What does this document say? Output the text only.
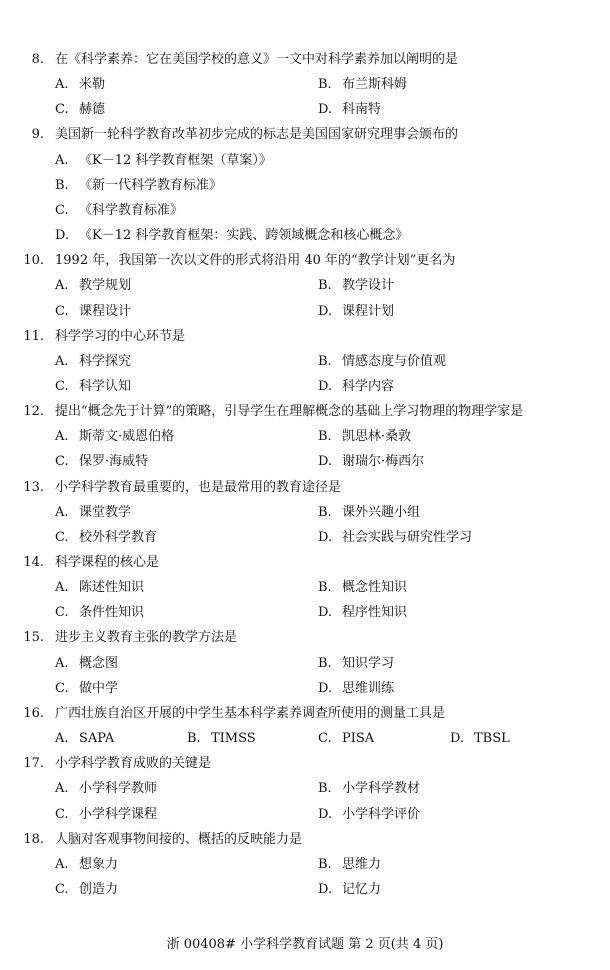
8. 在《科学素养：它在美国学校的意义》一文中对科学素养加以阐明的是
A. 米勒	B. 布兰斯科姆
C. 赫德	D. 科南特
9. 美国新一轮科学教育改革初步完成的标志是美国国家研究理事会颁布的
A. 《K－12 科学教育框架（草案）》
B. 《新一代科学教育标准》
C. 《科学教育标准》
D. 《K－12 科学教育框架：实践、跨领域概念和核心概念》
10. 1992 年，我国第一次以文件的形式将沿用 40 年的“教学计划”更名为
A. 教学规划	B. 教学设计
C. 课程设计	D. 课程计划
11. 科学学习的中心环节是
A. 科学探究	B. 情感态度与价值观
C. 科学认知	D. 科学内容
12. 提出“概念先于计算”的策略，引导学生在理解概念的基础上学习物理的物理学家是
A. 斯蒂文·威恩伯格	B. 凯思林·桑敦
C. 保罗·海威特	D. 谢瑞尔·梅西尔
13. 小学科学教育最重要的，也是最常用的教育途径是
A. 课堂教学	B. 课外兴趣小组
C. 校外科学教育	D. 社会实践与研究性学习
14. 科学课程的核心是
A. 陈述性知识	B. 概念性知识
C. 条件性知识	D. 程序性知识
15. 进步主义教育主张的教学方法是
A. 概念图	B. 知识学习
C. 做中学	D. 思维训练
16. 广西壮族自治区开展的中学生基本科学素养调查所使用的测量工具是
A. SAPA	B. TIMSS	C. PISA	D. TBSL
17. 小学科学教育成败的关键是
A. 小学科学教师	B. 小学科学教材
C. 小学科学课程	D. 小学科学评价
18. 人脑对客观事物间接的、概括的反映能力是
A. 想象力	B. 思维力
C. 创造力	D. 记忆力
浙 00408# 小学科学教育试题 第 2 页(共 4 页)
